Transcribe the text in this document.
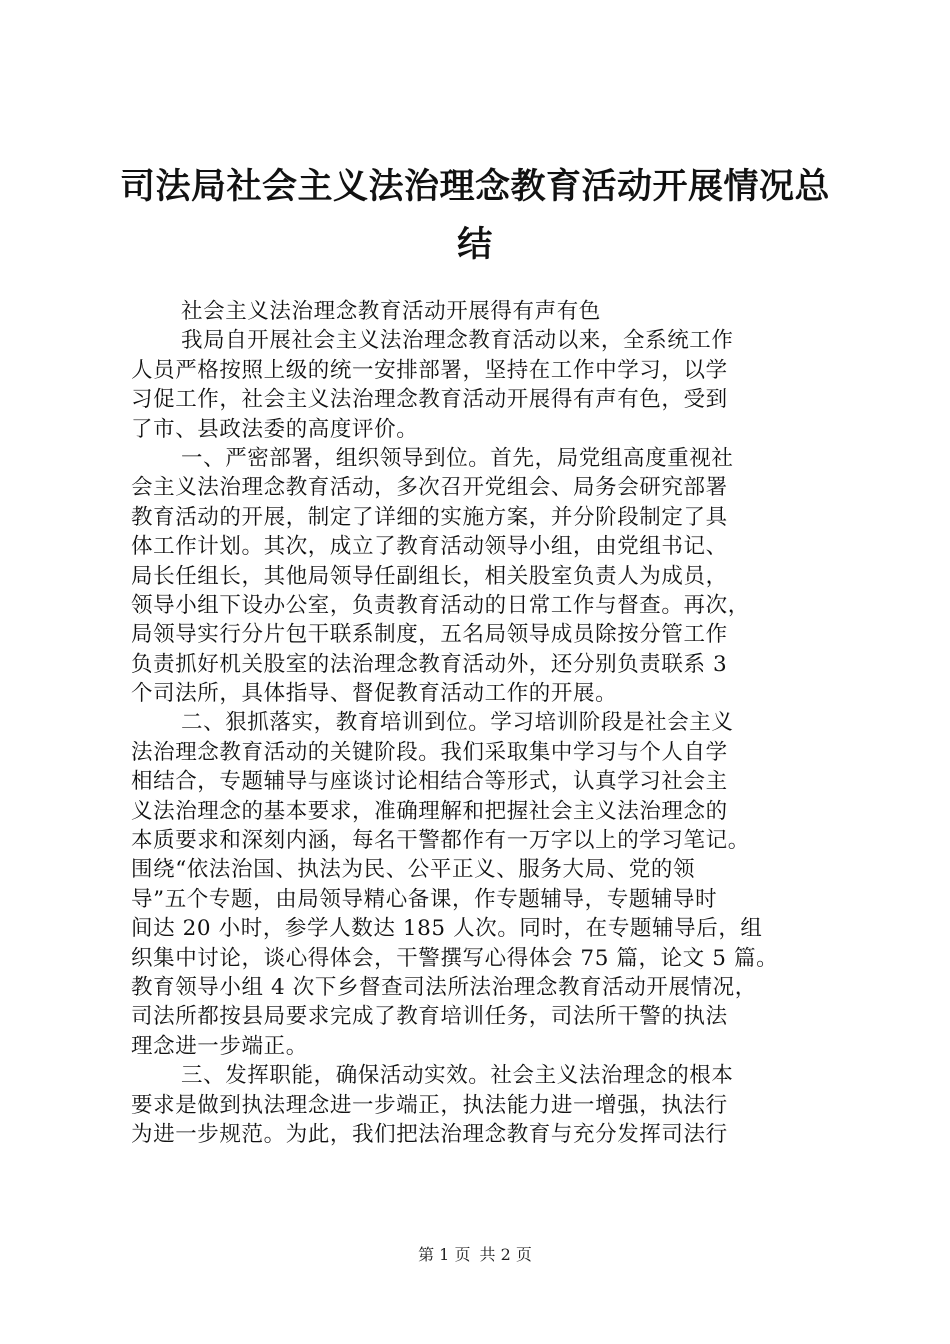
司法局社会主义法治理念教育活动开展情况总
结
社会主义法治理念教育活动开展得有声有色
我局自开展社会主义法治理念教育活动以来，全系统工作
人员严格按照上级的统一安排部署，坚持在工作中学习，以学
习促工作，社会主义法治理念教育活动开展得有声有色，受到
了市、县政法委的高度评价。
一、严密部署，组织领导到位。首先，局党组高度重视社
会主义法治理念教育活动，多次召开党组会、局务会研究部署
教育活动的开展，制定了详细的实施方案，并分阶段制定了具
体工作计划。其次，成立了教育活动领导小组，由党组书记、
局长任组长，其他局领导任副组长，相关股室负责人为成员，
领导小组下设办公室，负责教育活动的日常工作与督查。再次，
局领导实行分片包干联系制度，五名局领导成员除按分管工作
负责抓好机关股室的法治理念教育活动外，还分别负责联系 3
个司法所，具体指导、督促教育活动工作的开展。
二、狠抓落实，教育培训到位。学习培训阶段是社会主义
法治理念教育活动的关键阶段。我们采取集中学习与个人自学
相结合，专题辅导与座谈讨论相结合等形式，认真学习社会主
义法治理念的基本要求，准确理解和把握社会主义法治理念的
本质要求和深刻内涵，每名干警都作有一万字以上的学习笔记。
围绕“依法治国、执法为民、公平正义、服务大局、党的领
导”五个专题，由局领导精心备课，作专题辅导，专题辅导时
间达 20 小时，参学人数达 185 人次。同时，在专题辅导后，组
织集中讨论，谈心得体会，干警撰写心得体会 75 篇，论文 5 篇。
教育领导小组 4 次下乡督查司法所法治理念教育活动开展情况，
司法所都按县局要求完成了教育培训任务，司法所干警的执法
理念进一步端正。
三、发挥职能，确保活动实效。社会主义法治理念的根本
要求是做到执法理念进一步端正，执法能力进一增强，执法行
为进一步规范。为此，我们把法治理念教育与充分发挥司法行
第 1 页 共 2 页
